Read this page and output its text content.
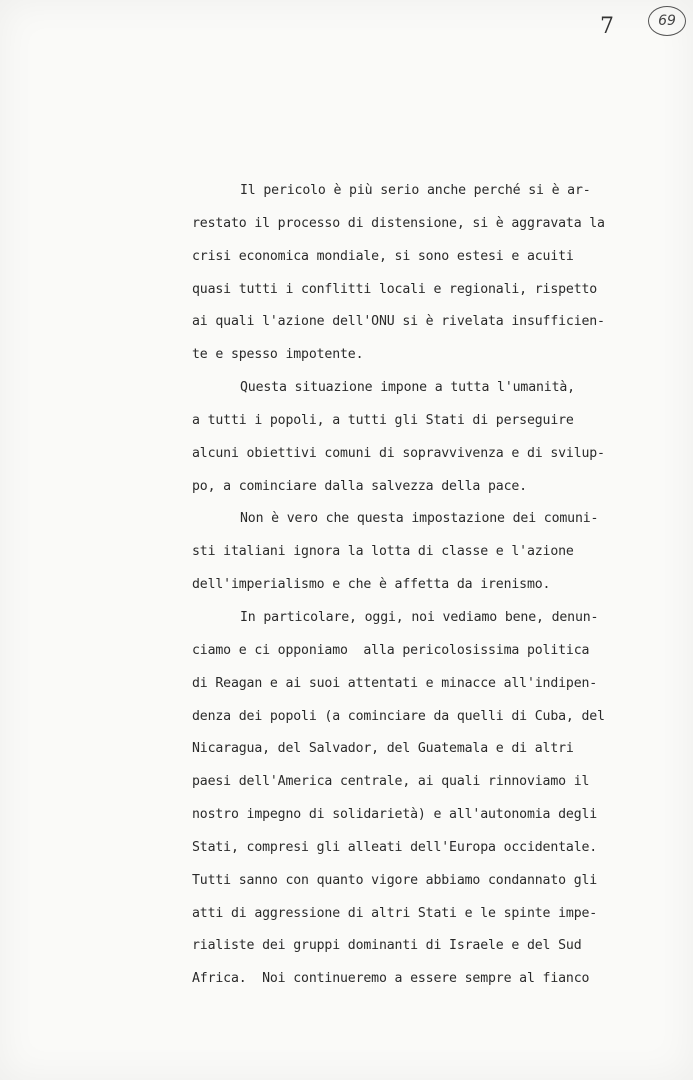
7	69
Il pericolo è più serio anche perché si è ar-
restato il processo di distensione, si è aggravata la
crisi economica mondiale, si sono estesi e acuiti
quasi tutti i conflitti locali e regionali, rispetto
ai quali l'azione dell'ONU si è rivelata insufficien-
te e spesso impotente.
Questa situazione impone a tutta l'umanità,
a tutti i popoli, a tutti gli Stati di perseguire
alcuni obiettivi comuni di sopravvivenza e di svilup-
po, a cominciare dalla salvezza della pace.
Non è vero che questa impostazione dei comuni-
sti italiani ignora la lotta di classe e l'azione
dell'imperialismo e che è affetta da irenismo.
In particolare, oggi, noi vediamo bene, denun-
ciamo e ci opponiamo  alla pericolosissima politica
di Reagan e ai suoi attentati e minacce all'indipen-
denza dei popoli (a cominciare da quelli di Cuba, del
Nicaragua, del Salvador, del Guatemala e di altri
paesi dell'America centrale, ai quali rinnoviamo il
nostro impegno di solidarietà) e all'autonomia degli
Stati, compresi gli alleati dell'Europa occidentale.
Tutti sanno con quanto vigore abbiamo condannato gli
atti di aggressione di altri Stati e le spinte impe-
rialiste dei gruppi dominanti di Israele e del Sud
Africa.  Noi continueremo a essere sempre al fianco
